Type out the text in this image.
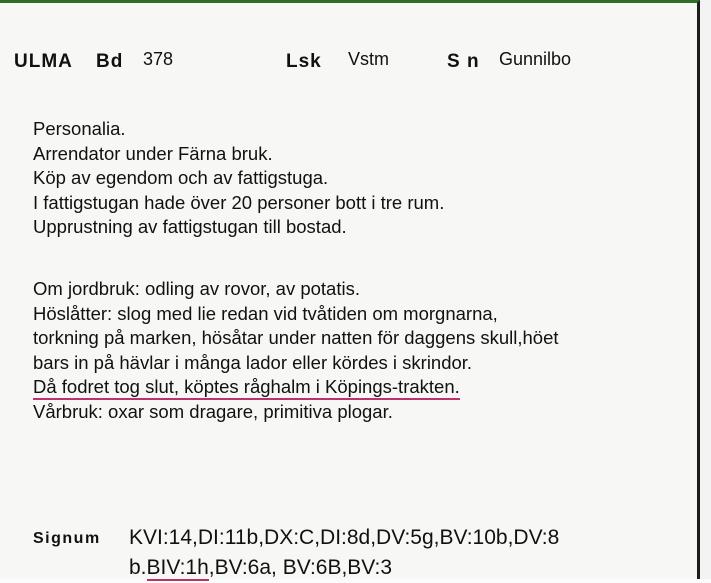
ULMA Bd 378	Lsk Vstm	S n Gunnilbo
Personalia.
Arrendator under Färna bruk.
Köp av egendom och av fattigstuga.
I fattigstugan hade över 20 personer bott i tre rum.
Upprustning av fattigstugan till bostad.
Om jordbruk: odling av rovor, av potatis.
Höslåtter: slog med lie redan vid tvåtiden om morgnarna,
torkning på marken, hösåtar under natten för daggens skull,höet
bars in på hävlar i många lador eller kördes i skrindor.
Då fodret tog slut, köptes råghalm i Köpings-trakten.
Vårbruk: oxar som dragare, primitiva plogar.
Signum KVI:14,DI:11b,DX:C,DI:8d,DV:5g,BV:10b,DV:8
b.BIV:1h,BV:6a, BV:6B,BV:3
